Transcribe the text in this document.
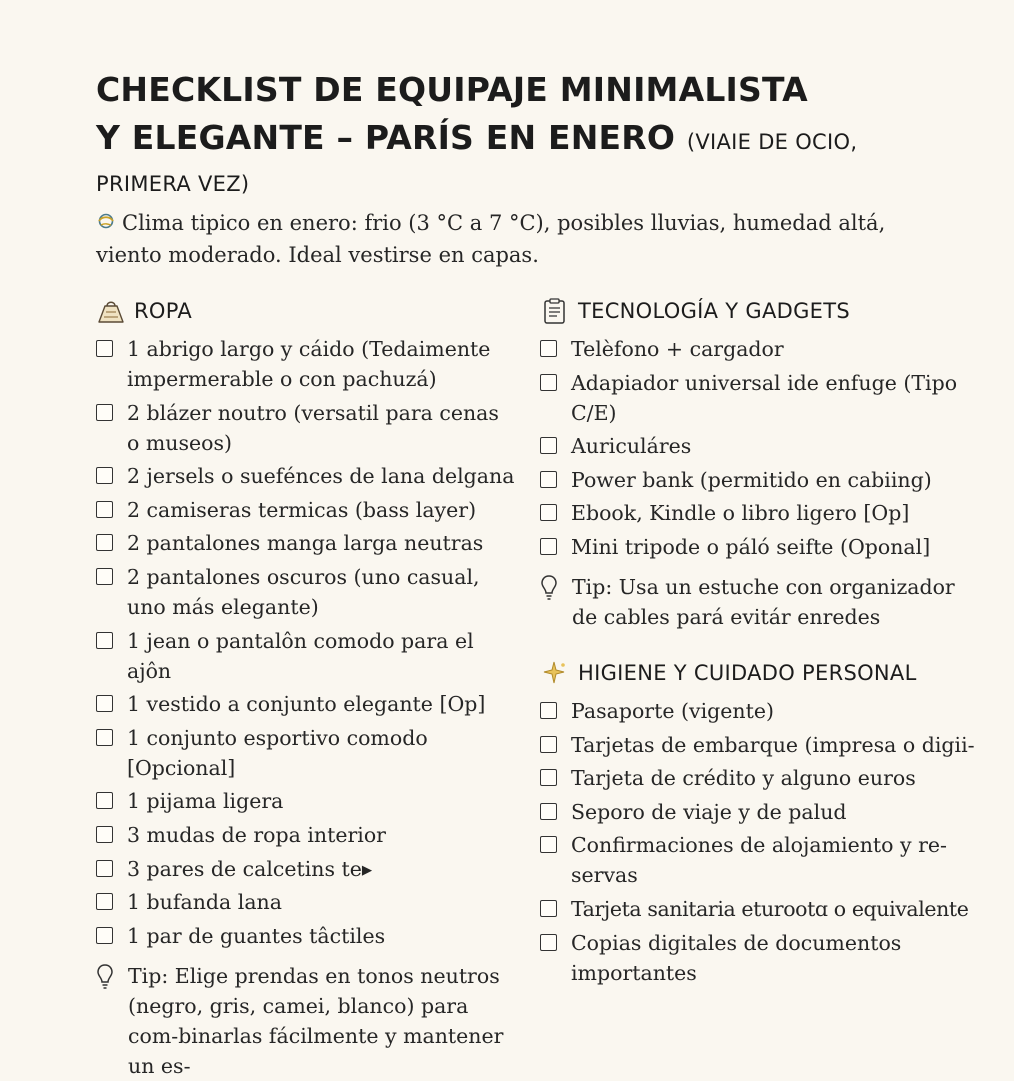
CHECKLIST DE EQUIPAJE MINIMALISTA
Y ELEGANTE – PARÍS EN ENERO (VIAIE DE OCIO,
PRIMERA VEZ)
Clima tipico en enero: frio (3 °C a 7 °C), posibles lluvias, humedad altá, viento moderado. Ideal vestirse en capas.
ROPA
1 abrigo largo y cáido (Tedaimente impermerable o con pachuzá)
2 blázer noutro (versatil para cenas o museos)
2 jersels o suefénces de lana delgana
2 camiseras termicas (bass layer)
2 pantalones manga larga neutras
2 pantalones oscuros (uno casual, uno más elegante)
1 jean o pantalôn comodo para el ajôn
1 vestido a conjunto elegante [Op]
1 conjunto esportivo comodo [Opcional]
1 pijama ligera
3 mudas de ropa interior
3 pares de calcetins te▸
1 bufanda lana
1 par de guantes tâctiles
Tip: Elige prendas en tonos neutros (negro, gris, camei, blanco) para com-binarlas fácilmente y mantener un es-
TECNOLOGÍA Y GADGETS
Telèfono + cargador
Adapiador universal ide enfuge (Tipo C/E)
Auriculáres
Power bank (permitido en cabiing)
Ebook, Kindle o libro ligero [Op]
Mini tripode o páló seifte (Oponal]
Tip: Usa un estuche con organizador de cables pará evitár enredes
HIGIENE Y CUIDADO PERSONAL
Pasaporte (vigente)
Tarjetas de embarque (impresa o digii-
Tarjeta de crédito y alguno euros
Seporo de viaje y de palud
Confirmaciones de alojamiento y re-servas
Tarjeta sanitaria eturootɑ o equivalente
Copias digitales de documentos importantes
